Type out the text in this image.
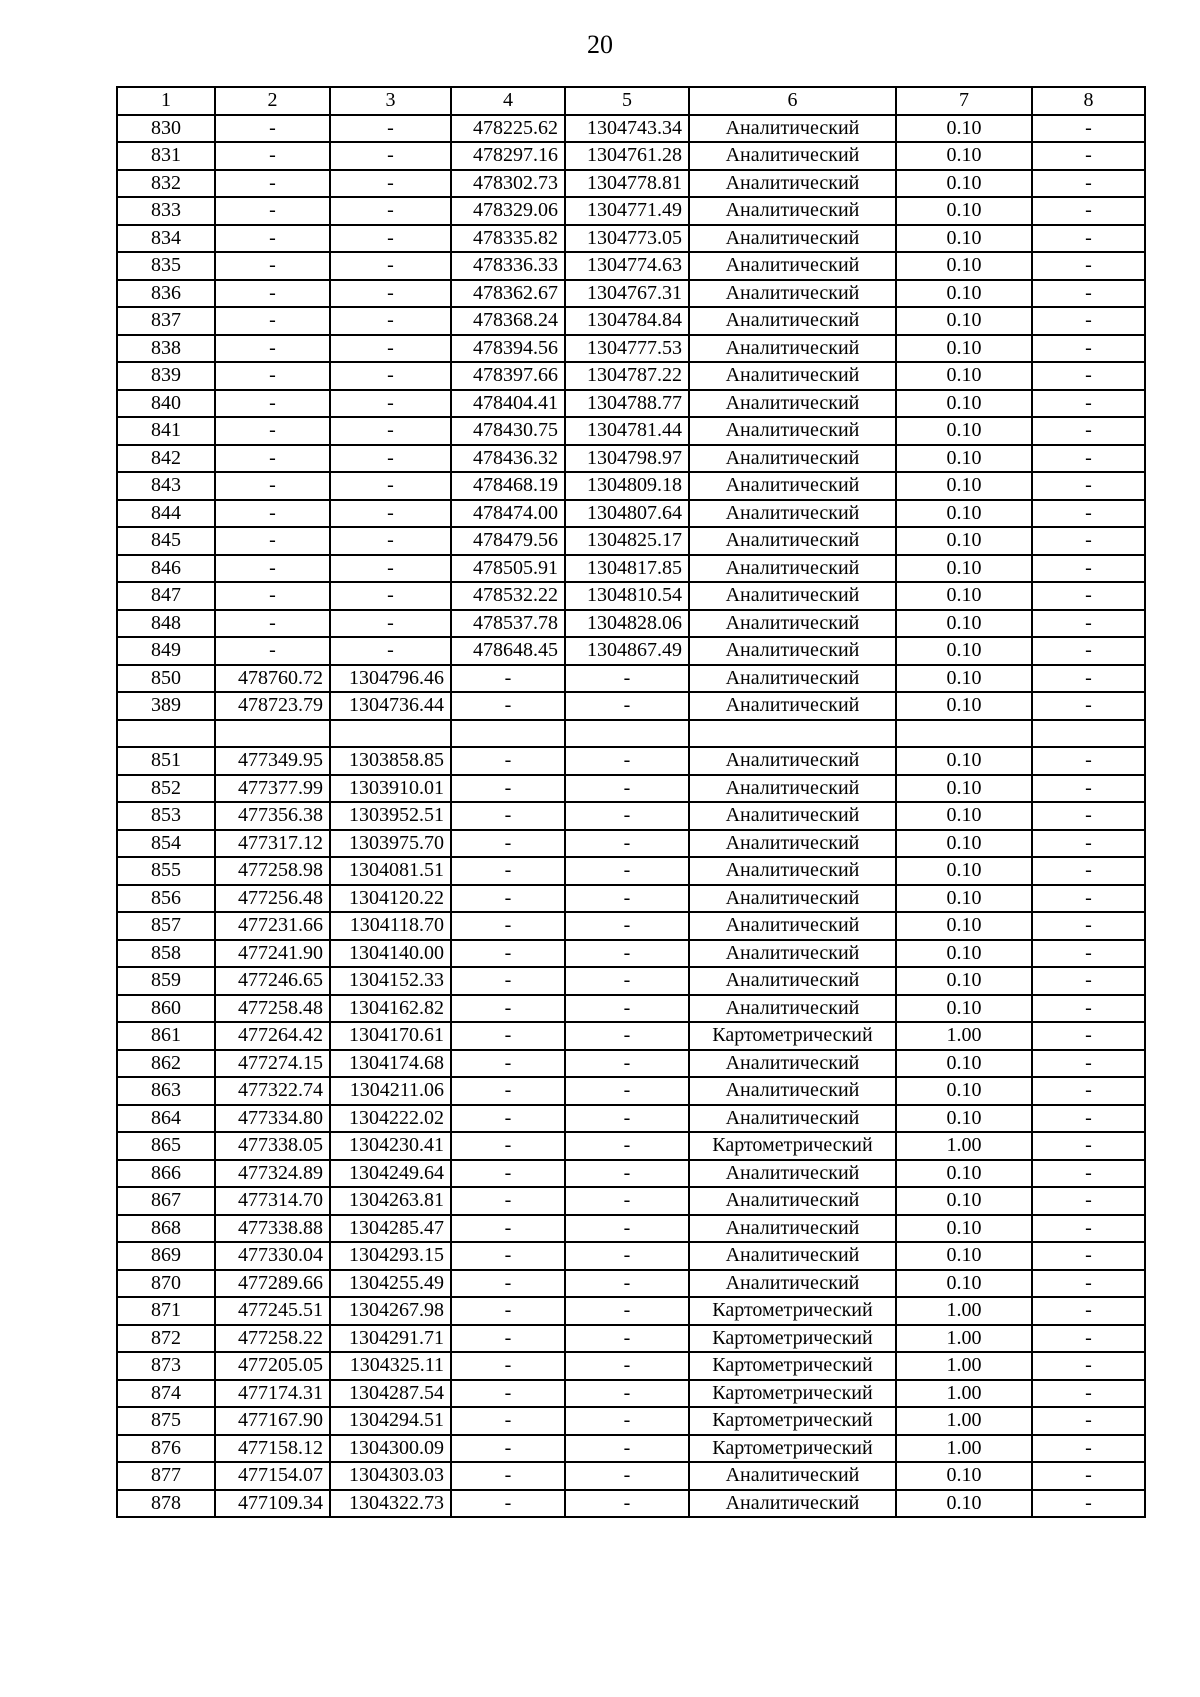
20
1	2	3	4	5	6	7	8
830	-	-	478225.62	1304743.34	Аналитический	0.10	-
831	-	-	478297.16	1304761.28	Аналитический	0.10	-
832	-	-	478302.73	1304778.81	Аналитический	0.10	-
833	-	-	478329.06	1304771.49	Аналитический	0.10	-
834	-	-	478335.82	1304773.05	Аналитический	0.10	-
835	-	-	478336.33	1304774.63	Аналитический	0.10	-
836	-	-	478362.67	1304767.31	Аналитический	0.10	-
837	-	-	478368.24	1304784.84	Аналитический	0.10	-
838	-	-	478394.56	1304777.53	Аналитический	0.10	-
839	-	-	478397.66	1304787.22	Аналитический	0.10	-
840	-	-	478404.41	1304788.77	Аналитический	0.10	-
841	-	-	478430.75	1304781.44	Аналитический	0.10	-
842	-	-	478436.32	1304798.97	Аналитический	0.10	-
843	-	-	478468.19	1304809.18	Аналитический	0.10	-
844	-	-	478474.00	1304807.64	Аналитический	0.10	-
845	-	-	478479.56	1304825.17	Аналитический	0.10	-
846	-	-	478505.91	1304817.85	Аналитический	0.10	-
847	-	-	478532.22	1304810.54	Аналитический	0.10	-
848	-	-	478537.78	1304828.06	Аналитический	0.10	-
849	-	-	478648.45	1304867.49	Аналитический	0.10	-
850	478760.72	1304796.46	-	-	Аналитический	0.10	-
389	478723.79	1304736.44	-	-	Аналитический	0.10	-

851	477349.95	1303858.85	-	-	Аналитический	0.10	-
852	477377.99	1303910.01	-	-	Аналитический	0.10	-
853	477356.38	1303952.51	-	-	Аналитический	0.10	-
854	477317.12	1303975.70	-	-	Аналитический	0.10	-
855	477258.98	1304081.51	-	-	Аналитический	0.10	-
856	477256.48	1304120.22	-	-	Аналитический	0.10	-
857	477231.66	1304118.70	-	-	Аналитический	0.10	-
858	477241.90	1304140.00	-	-	Аналитический	0.10	-
859	477246.65	1304152.33	-	-	Аналитический	0.10	-
860	477258.48	1304162.82	-	-	Аналитический	0.10	-
861	477264.42	1304170.61	-	-	Картометрический	1.00	-
862	477274.15	1304174.68	-	-	Аналитический	0.10	-
863	477322.74	1304211.06	-	-	Аналитический	0.10	-
864	477334.80	1304222.02	-	-	Аналитический	0.10	-
865	477338.05	1304230.41	-	-	Картометрический	1.00	-
866	477324.89	1304249.64	-	-	Аналитический	0.10	-
867	477314.70	1304263.81	-	-	Аналитический	0.10	-
868	477338.88	1304285.47	-	-	Аналитический	0.10	-
869	477330.04	1304293.15	-	-	Аналитический	0.10	-
870	477289.66	1304255.49	-	-	Аналитический	0.10	-
871	477245.51	1304267.98	-	-	Картометрический	1.00	-
872	477258.22	1304291.71	-	-	Картометрический	1.00	-
873	477205.05	1304325.11	-	-	Картометрический	1.00	-
874	477174.31	1304287.54	-	-	Картометрический	1.00	-
875	477167.90	1304294.51	-	-	Картометрический	1.00	-
876	477158.12	1304300.09	-	-	Картометрический	1.00	-
877	477154.07	1304303.03	-	-	Аналитический	0.10	-
878	477109.34	1304322.73	-	-	Аналитический	0.10	-
